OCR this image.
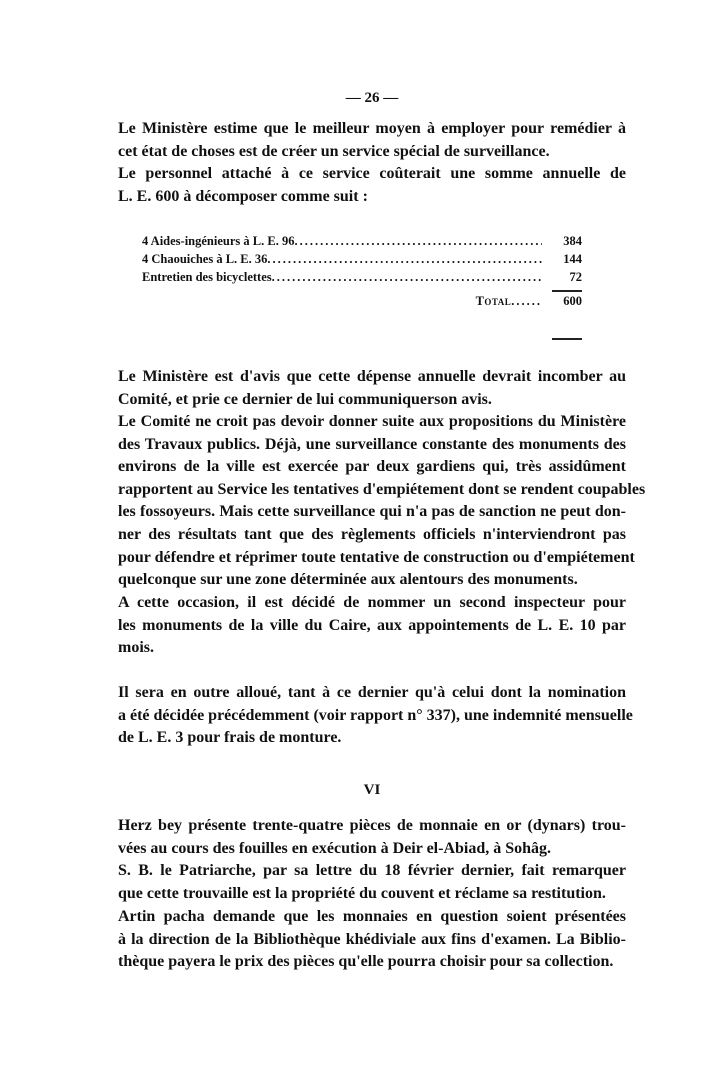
— 26 —
Le Ministère estime que le meilleur moyen à employer pour remédier à
cet état de choses est de créer un service spécial de surveillance.
Le personnel attaché à ce service coûterait une somme annuelle de
L. E. 600 à décomposer comme suit :
4 Aides-ingénieurs à L. E. 96 .....	384
4 Chaouiches à L. E. 36 .....	144
Entretien des bicyclettes .....	72
Total ......	600
Le Ministère est d'avis que cette dépense annuelle devrait incomber au
Comité, et prie ce dernier de lui communiquerson avis.
Le Comité ne croit pas devoir donner suite aux propositions du Ministère
des Travaux publics. Déjà, une surveillance constante des monuments des
environs de la ville est exercée par deux gardiens qui, très assidûment
rapportent au Service les tentatives d'empiétement dont se rendent coupables
les fossoyeurs. Mais cette surveillance qui n'a pas de sanction ne peut don-
ner des résultats tant que des règlements officiels n'interviendront pas
pour défendre et réprimer toute tentative de construction ou d'empiétement
quelconque sur une zone déterminée aux alentours des monuments.
A cette occasion, il est décidé de nommer un second inspecteur pour
les monuments de la ville du Caire, aux appointements de L. E. 10 par
mois.
Il sera en outre alloué, tant à ce dernier qu'à celui dont la nomination
a été décidée précédemment (voir rapport n° 337), une indemnité mensuelle
de L. E. 3 pour frais de monture.
VI
Herz bey présente trente-quatre pièces de monnaie en or (dynars) trou-
vées au cours des fouilles en exécution à Deir el-Abiad, à Sohâg.
S. B. le Patriarche, par sa lettre du 18 février dernier, fait remarquer
que cette trouvaille est la propriété du couvent et réclame sa restitution.
Artin pacha demande que les monnaies en question soient présentées
à la direction de la Bibliothèque khédiviale aux fins d'examen. La Biblio-
thèque payera le prix des pièces qu'elle pourra choisir pour sa collection.
